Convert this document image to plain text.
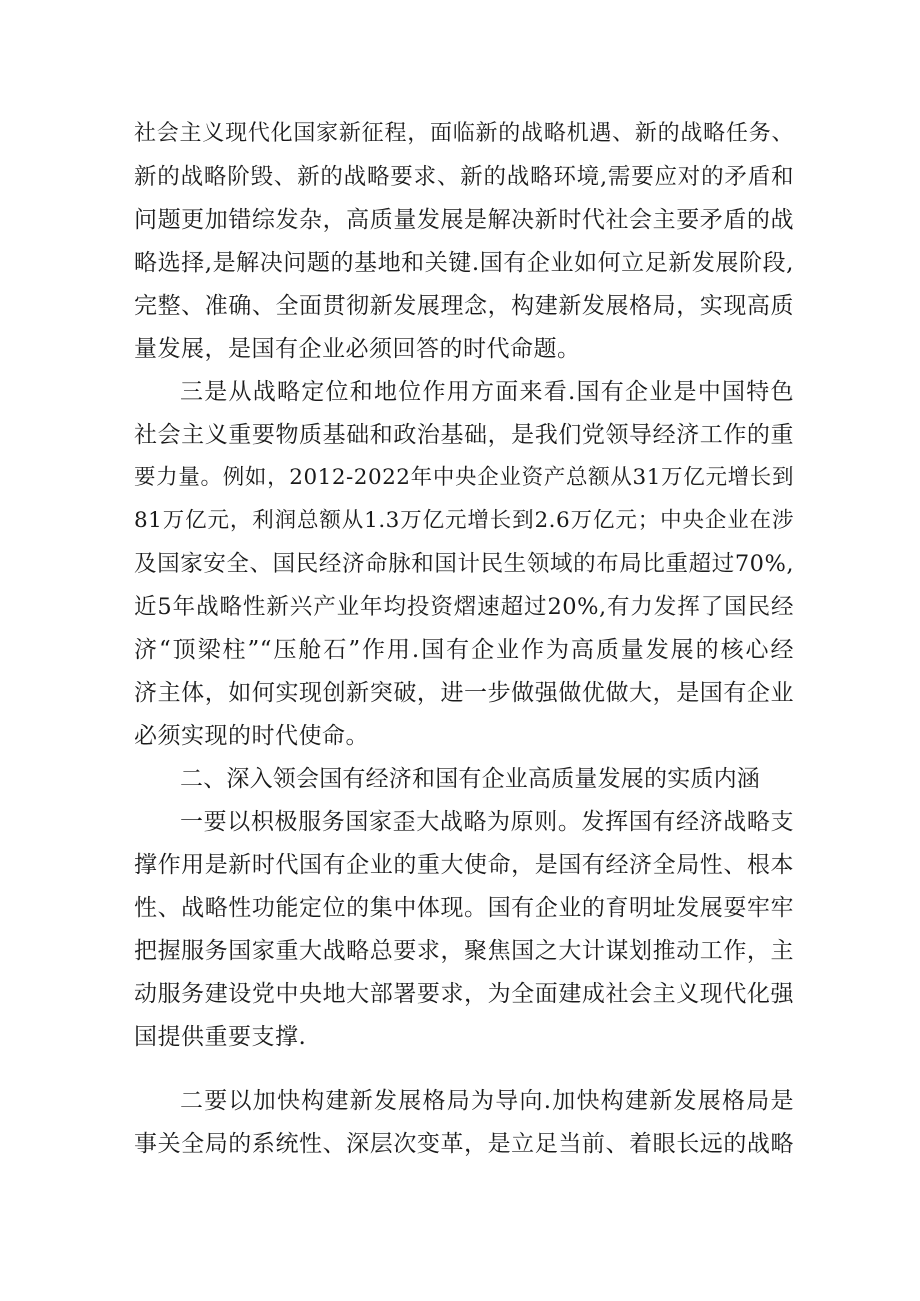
社会主义现代化国家新征程，面临新的战略机遇、新的战略任务、
新的战略阶毁、新的战略要求、新的战略环境,需要应对的矛盾和
问题更加错综发杂，高质量发展是解决新时代社会主要矛盾的战
略选择,是解决问题的基地和关键.国有企业如何立足新发展阶段,
完整、准确、全面贯彻新发展理念，构建新发展格局，实现高质
量发展，是国有企业必须回答的时代命题。
三是从战略定位和地位作用方面来看.国有企业是中国特色
社会主义重要物质基础和政治基础，是我们党领导经济工作的重
要力量。例如，2012-2022年中央企业资产总额从31万亿元增长到
81万亿元，利润总额从1.3万亿元增长到2.6万亿元；中央企业在涉
及国家安全、国民经济命脉和国计民生领域的布局比重超过70%,
近5年战略性新兴产业年均投资熠速超过20%,有力发挥了国民经
济“顶梁柱”“压舱石”作用.国有企业作为高质量发展的核心经
济主体，如何实现创新突破，进一步做强做优做大，是国有企业
必须实现的时代使命。
二、深入领会国有经济和国有企业高质量发展的实质内涵
一要以枳极服务国家歪大战略为原则。发挥国有经济战略支
撑作用是新时代国有企业的重大使命，是国有经济全局性、根本
性、战略性功能定位的集中体现。国有企业的育明址发展耍牢牢
把握服务国家重大战略总要求，聚焦国之大计谋划推动工作，主
动服务建设党中央地大部署要求，为全面建成社会主义现代化强
国提供重要支撑.
二要以加快构建新发展格局为导向.加快构建新发展格局是
事关全局的系统性、深层次变革，是立足当前、着眼长远的战略
